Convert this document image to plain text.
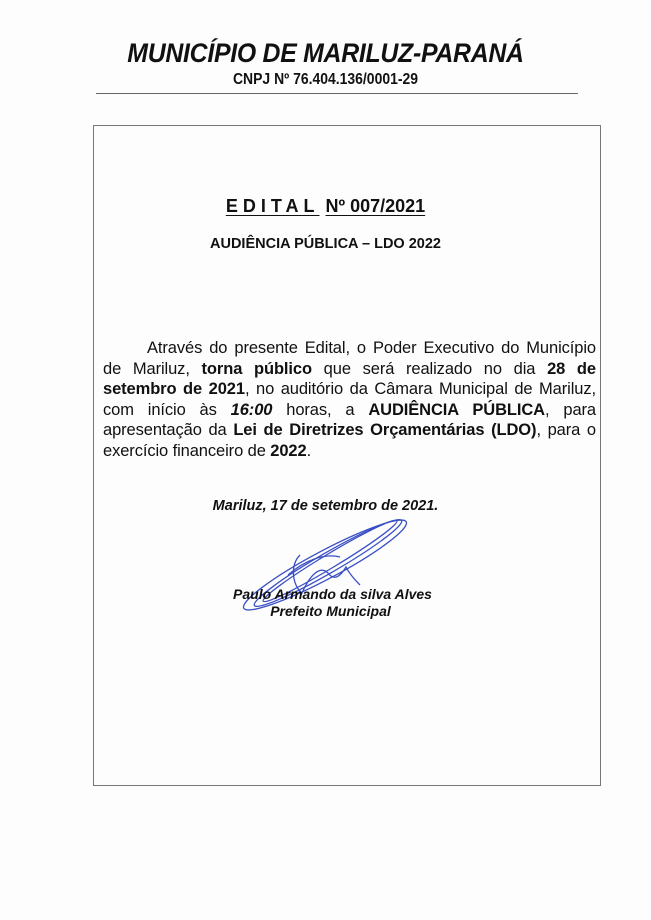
MUNICÍPIO DE MARILUZ-PARANÁ
CNPJ Nº 76.404.136/0001-29
EDITAL Nº 007/2021
AUDIÊNCIA PÚBLICA – LDO 2022
Através do presente Edital, o Poder Executivo do Município de Mariluz, torna público que será realizado no dia 28 de setembro de 2021, no auditório da Câmara Municipal de Mariluz, com início às 16:00 horas, a AUDIÊNCIA PÚBLICA, para apresentação da Lei de Diretrizes Orçamentárias (LDO), para o exercício financeiro de 2022.
Mariluz, 17 de setembro de 2021.
Paulo Armando da silva Alves
Prefeito Municipal
